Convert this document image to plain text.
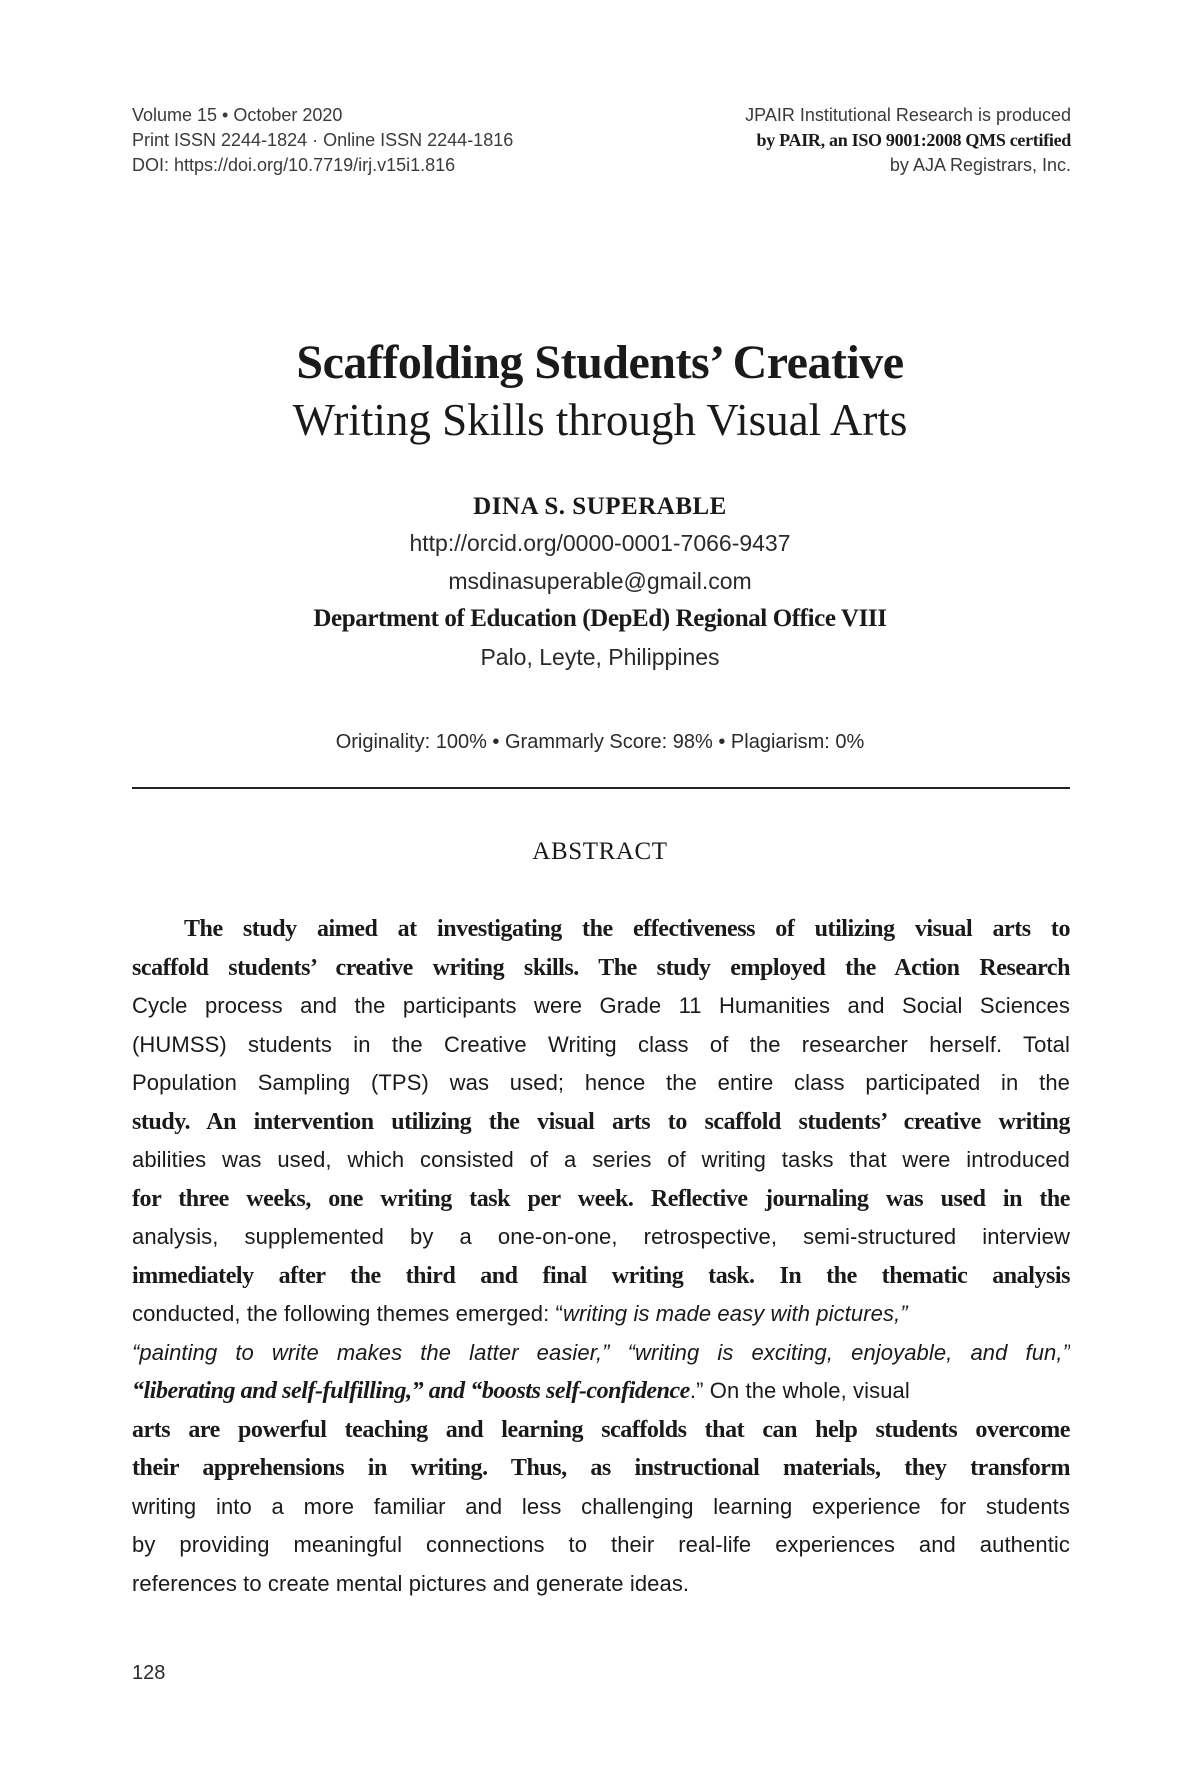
Volume 15 • October 2020
Print ISSN 2244-1824 · Online ISSN 2244-1816
DOI: https://doi.org/10.7719/irj.v15i1.816
JPAIR Institutional Research is produced
by PAIR, an ISO 9001:2008 QMS certified
by AJA Registrars, Inc.
Scaffolding Students’ Creative
Writing Skills through Visual Arts
DINA S. SUPERABLE
http://orcid.org/0000-0001-7066-9437
msdinasuperable@gmail.com
Department of Education (DepEd) Regional Office VIII
Palo, Leyte, Philippines
Originality: 100% • Grammarly Score: 98% • Plagiarism: 0%
ABSTRACT
The study aimed at investigating the effectiveness of utilizing visual arts to
scaffold students’ creative writing skills. The study employed the Action Research
Cycle process and the participants were Grade 11 Humanities and Social Sciences
(HUMSS) students in the Creative Writing class of the researcher herself. Total
Population Sampling (TPS) was used; hence the entire class participated in the
study. An intervention utilizing the visual arts to scaffold students’ creative writing
abilities was used, which consisted of a series of writing tasks that were introduced
for three weeks, one writing task per week. Reflective journaling was used in the
analysis, supplemented by a one-on-one, retrospective, semi-structured interview
immediately after the third and final writing task. In the thematic analysis
conducted, the following themes emerged: “writing is made easy with pictures,”
“painting to write makes the latter easier,” “writing is exciting, enjoyable, and fun,”
“liberating and self-fulfilling,” and “boosts self-confidence.” On the whole, visual
arts are powerful teaching and learning scaffolds that can help students overcome
their apprehensions in writing. Thus, as instructional materials, they transform
writing into a more familiar and less challenging learning experience for students
by providing meaningful connections to their real-life experiences and authentic
references to create mental pictures and generate ideas.
128
